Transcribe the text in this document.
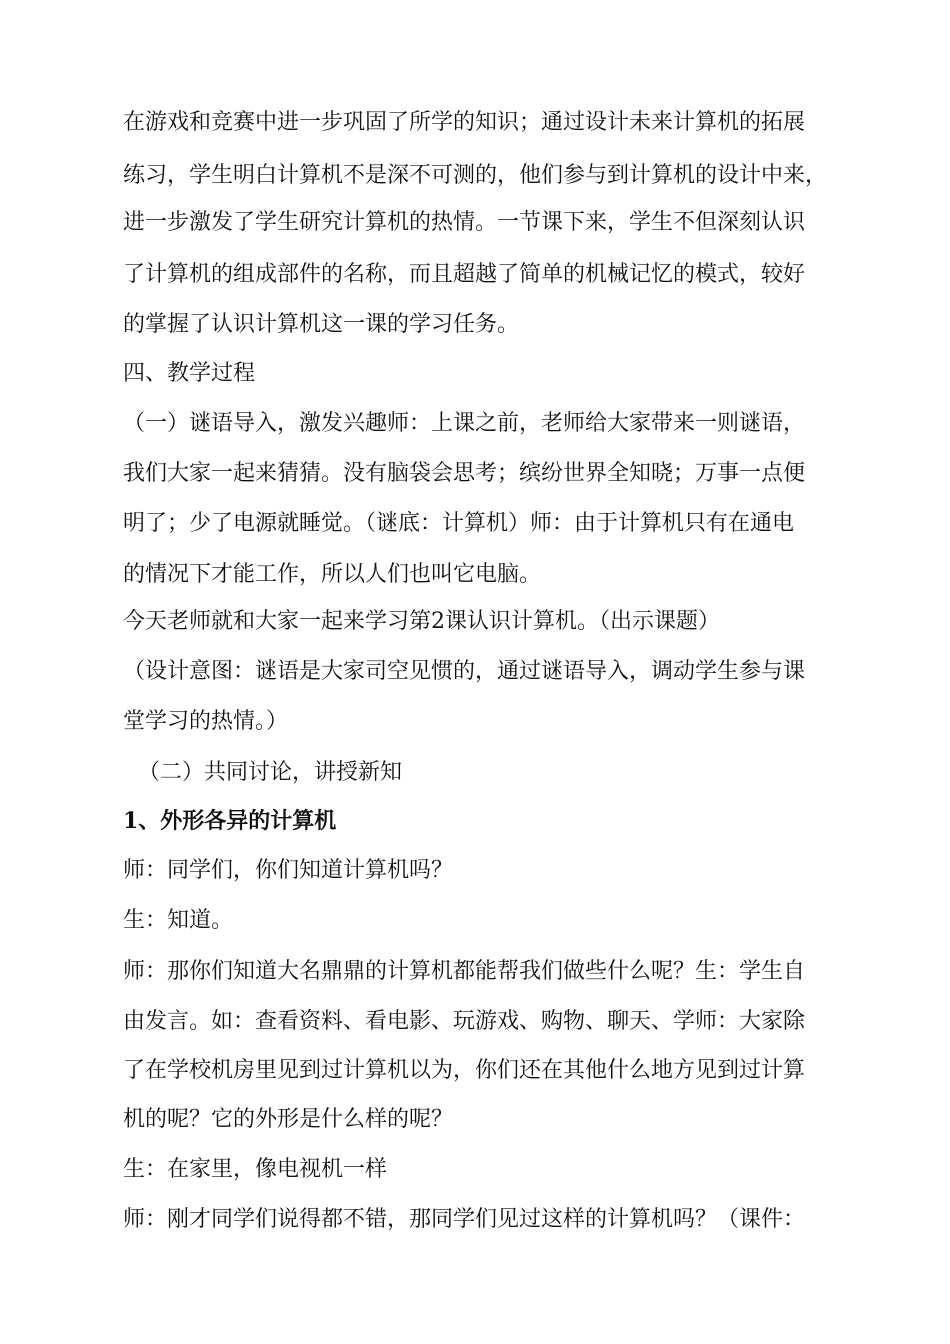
在游戏和竞赛中进一步巩固了所学的知识；通过设计未来计算机的拓展
练习，学生明白计算机不是深不可测的，他们参与到计算机的设计中来，
进一步激发了学生研究计算机的热情。一节课下来，学生不但深刻认识
了计算机的组成部件的名称，而且超越了简单的机械记忆的模式，较好
的掌握了认识计算机这一课的学习任务。
四、教学过程
（一）谜语导入，激发兴趣师：上课之前，老师给大家带来一则谜语，
我们大家一起来猜猜。没有脑袋会思考；缤纷世界全知晓；万事一点便
明了；少了电源就睡觉。（谜底：计算机）师：由于计算机只有在通电
的情况下才能工作，所以人们也叫它电脑。
今天老师就和大家一起来学习第2课认识计算机。（出示课题）
（设计意图：谜语是大家司空见惯的，通过谜语导入，调动学生参与课
堂学习的热情。）
（二）共同讨论，讲授新知
1、外形各异的计算机
师：同学们，你们知道计算机吗？
生：知道。
师：那你们知道大名鼎鼎的计算机都能帮我们做些什么呢？生：学生自
由发言。如：查看资料、看电影、玩游戏、购物、聊天、学师：大家除
了在学校机房里见到过计算机以为，你们还在其他什么地方见到过计算
机的呢？它的外形是什么样的呢？
生：在家里，像电视机一样
师：刚才同学们说得都不错，那同学们见过这样的计算机吗？（课件：
